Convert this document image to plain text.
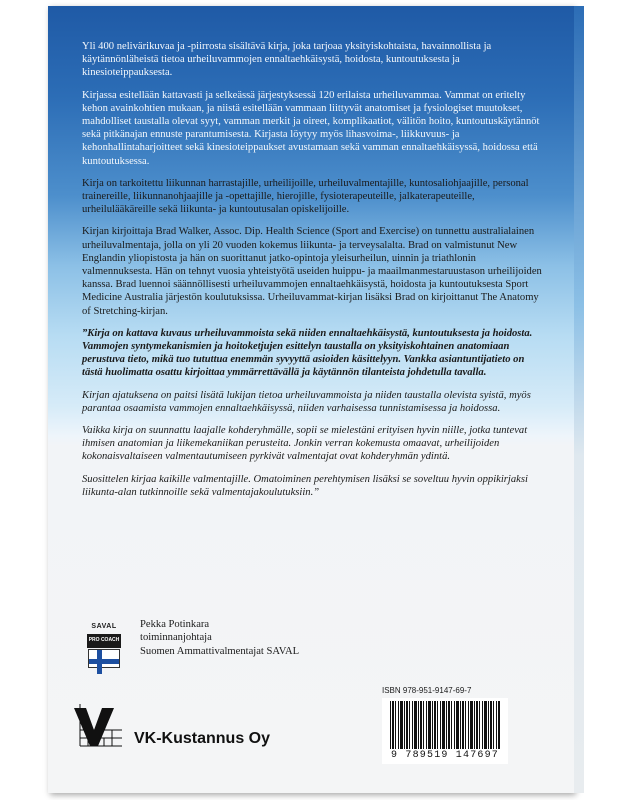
Yli 400 nelivärikuvaa ja -piirrosta sisältävä kirja, joka tarjoaa yksityiskohtaista, havainnollista ja käytännönläheistä tietoa urheiluvammojen ennaltaehkäisystä, hoidosta, kuntoutuksesta ja kinesioteippauksesta.

Kirjassa esitellään kattavasti ja selkeässä järjestyksessä 120 erilaista urheiluvammaa. Vammat on eritelty kehon avainkohtien mukaan, ja niistä esitellään vammaan liittyvät anatomiset ja fysiologiset muutokset, mahdolliset taustalla olevat syyt, vamman merkit ja oireet, komplikaatiot, välitön hoito, kuntoutuskäytännöt sekä pitkänajan ennuste parantumisesta. Kirjasta löytyy myös lihasvoima-, liikkuvuus- ja kehonhallintaharjoitteet sekä kinesioteippaukset avustamaan sekä vamman ennaltaehkäisyssä, hoidossa että kuntoutuksessa.

Kirja on tarkoitettu liikunnan harrastajille, urheilijoille, urheiluvalmentajille, kuntosaliohjaajille, personal trainereille, liikunnanohjaajille ja -opettajille, hierojille, fysioterapeuteille, jalkaterapeuteille, urheilulääkäreille sekä liikunta- ja kuntoutusalan opiskelijoille.

Kirjan kirjoittaja Brad Walker, Assoc. Dip. Health Science (Sport and Exercise) on tunnettu australialainen urheiluvalmentaja, jolla on yli 20 vuoden kokemus liikunta- ja terveysalalta. Brad on valmistunut New Englandin yliopistosta ja hän on suorittanut jatko-opintoja yleisurheilun, uinnin ja triathlonin valmennuksesta. Hän on tehnyt vuosia yhteistyötä useiden huippu- ja maailmanmestaruustason urheilijoiden kanssa. Brad luennoi säännöllisesti urheiluvammojen ennaltaehkäisystä, hoidosta ja kuntoutuksesta Sport Medicine Australia järjestön koulutuksissa. Urheiluvammat-kirjan lisäksi Brad on kirjoittanut The Anatomy of Stretching-kirjan.

”Kirja on kattava kuvaus urheiluvammoista sekä niiden ennaltaehkäisystä, kuntoutuksesta ja hoidosta. Vammojen syntymekanismien ja hoitoketjujen esittelyn taustalla on yksityiskohtainen anatomiaan perustuva tieto, mikä tuo tututtua enemmän syvyyttä asioiden käsittelyyn. Vankka asiantuntijatieto on tästä huolimatta osattu kirjoittaa ymmärrettävällä ja käytännön tilanteista johdetulla tavalla.

Kirjan ajatuksena on paitsi lisätä lukijan tietoa urheiluvammoista ja niiden taustalla olevista syistä, myös parantaa osaamista vammojen ennaltaehkäisyssä, niiden varhaisessa tunnistamisessa ja hoidossa.

Vaikka kirja on suunnattu laajalle kohderyhmälle, sopii se mielestäni erityisen hyvin niille, jotka tuntevat ihmisen anatomian ja liikemekaniikan perusteita. Jonkin verran kokemusta omaavat, urheilijoiden kokonaisvaltaiseen valmentautumiseen pyrkivät valmentajat ovat kohderyhmän ydintä.

Suosittelen kirjaa kaikille valmentajille. Omatoiminen perehtymisen lisäksi se soveltuu hyvin oppikirjaksi liikunta-alan tutkinnoille sekä valmentajakoulutuksiin.”

SAVAL
PRO COACH
Pekka Potinkara
toiminnanjohtaja
Suomen Ammattivalmentajat SAVAL
ISBN 978-951-9147-69-7
9 789519 147697
VK-Kustannus Oy
